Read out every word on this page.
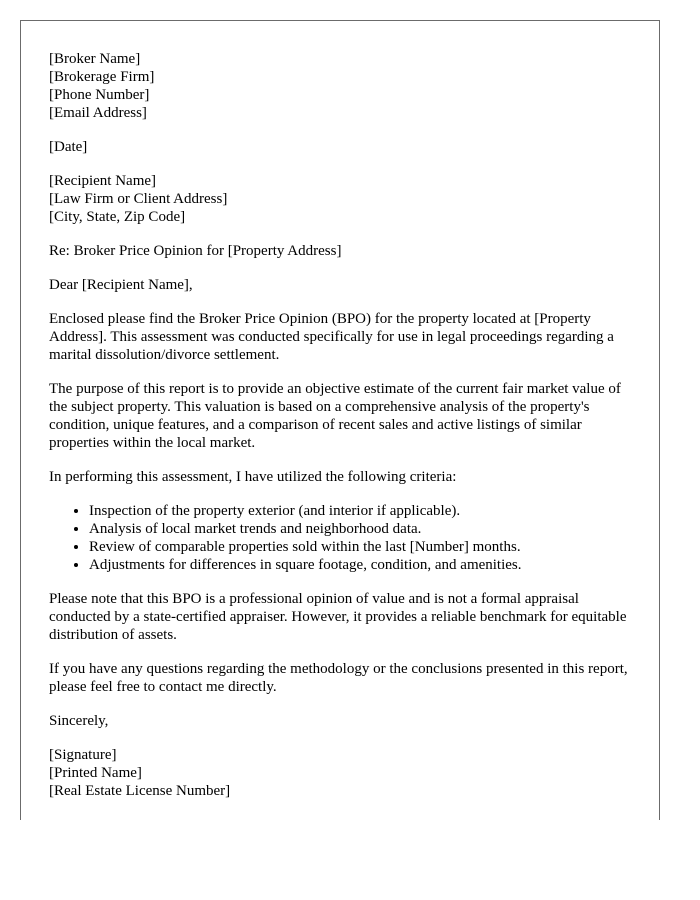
[Broker Name]
[Brokerage Firm]
[Phone Number]
[Email Address]
[Date]
[Recipient Name]
[Law Firm or Client Address]
[City, State, Zip Code]

Re: Broker Price Opinion for [Property Address]

Dear [Recipient Name],

Enclosed please find the Broker Price Opinion (BPO) for the property located at [Property Address]. This assessment was conducted specifically for use in legal proceedings regarding a marital dissolution/divorce settlement.

The purpose of this report is to provide an objective estimate of the current fair market value of the subject property. This valuation is based on a comprehensive analysis of the property's condition, unique features, and a comparison of recent sales and active listings of similar properties within the local market.

In performing this assessment, I have utilized the following criteria:

• Inspection of the property exterior (and interior if applicable).
• Analysis of local market trends and neighborhood data.
• Review of comparable properties sold within the last [Number] months.
• Adjustments for differences in square footage, condition, and amenities.

Please note that this BPO is a professional opinion of value and is not a formal appraisal conducted by a state-certified appraiser. However, it provides a reliable benchmark for equitable distribution of assets.

If you have any questions regarding the methodology or the conclusions presented in this report, please feel free to contact me directly.

Sincerely,

[Signature]
[Printed Name]
[Real Estate License Number]
